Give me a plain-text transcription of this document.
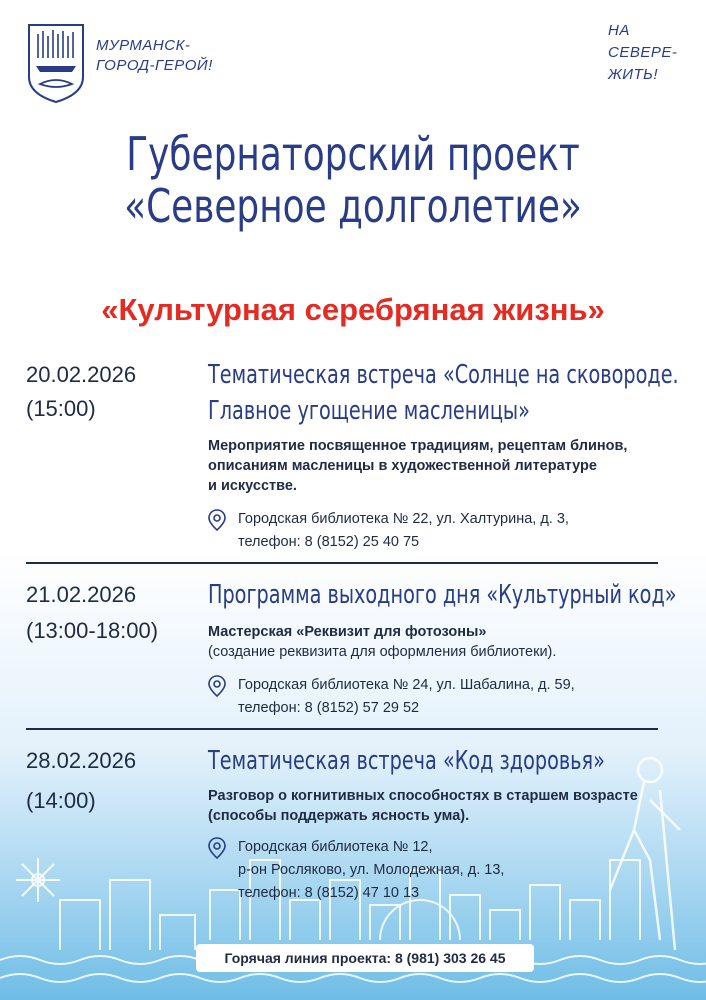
МУРМАНСК-
ГОРОД-ГЕРОЙ!
НА
СЕВЕРЕ-
ЖИТЬ!
Губернаторский проект
«Северное долголетие»
«Культурная серебряная жизнь»
20.02.2026
(15:00)
Тематическая встреча «Солнце на сковороде.
Главное угощение масленицы»
Мероприятие посвященное традициям, рецептам блинов,
описаниям масленицы в художественной литературе
и искусстве.
Городская библиотека № 22, ул. Халтурина, д. 3,
телефон: 8 (8152) 25 40 75
21.02.2026
(13:00-18:00)
Программа выходного дня «Культурный код»
Мастерская «Реквизит для фотозоны»
(создание реквизита для оформления библиотеки).
Городская библиотека № 24, ул. Шабалина, д. 59,
телефон: 8 (8152) 57 29 52
28.02.2026
(14:00)
Тематическая встреча «Код здоровья»
Разговор о когнитивных способностях в старшем возрасте
(способы поддержать ясность ума).
Городская библиотека № 12,
р-он Росляково, ул. Молодежная, д. 13,
телефон: 8 (8152) 47 10 13
Горячая линия проекта: 8 (981) 303 26 45
